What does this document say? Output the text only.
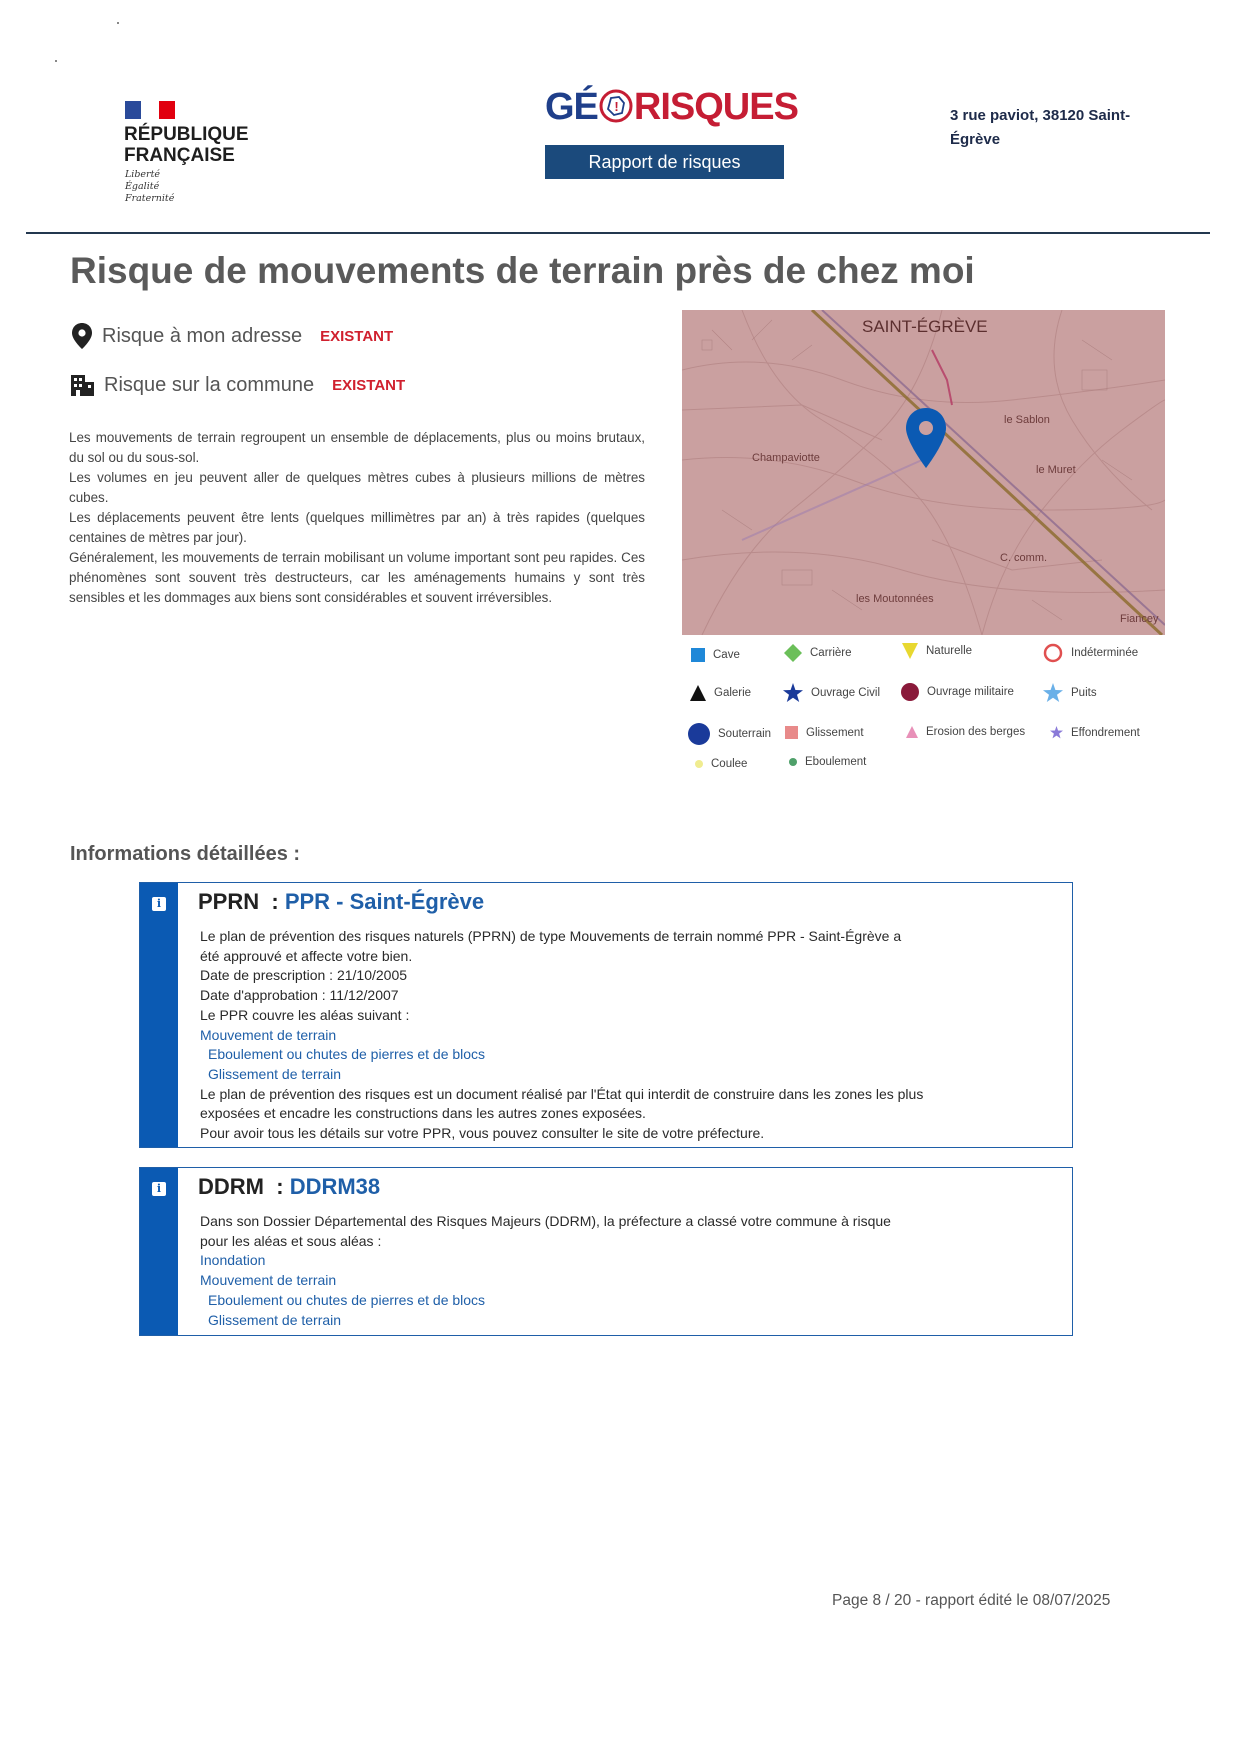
RÉPUBLIQUE
FRANÇAISE
Liberté
Égalité
Fraternité
GÉ ! RISQUES
Rapport de risques
3 rue paviot, 38120 Saint-
Égrève
Risque de mouvements de terrain près de chez moi
Risque à mon adresse EXISTANT
Risque sur la commune EXISTANT

Les mouvements de terrain regroupent un ensemble de déplacements, plus ou moins brutaux, du sol ou du sous-sol.

Les volumes en jeu peuvent aller de quelques mètres cubes à plusieurs millions de mètres cubes.

Les déplacements peuvent être lents (quelques millimètres par an) à très rapides (quelques centaines de mètres par jour).

Généralement, les mouvements de terrain mobilisant un volume important sont peu rapides. Ces phénomènes sont souvent très destructeurs, car les aménagements humains y sont très sensibles et les dommages aux biens sont considérables et souvent irréversibles.

SAINT-ÉGRÈVE
Champaviotte
le Sablon
le Muret
les Moutonnées
Fiancey
C. comm.
Cave	Carrière	Naturelle	Indéterminée
Galerie	Ouvrage Civil	Ouvrage militaire	Puits
Souterrain	Glissement	Erosion des berges	Effondrement
Coulee	Eboulement
Informations détaillées :
i PPRN : PPR - Saint-Égrève
Le plan de prévention des risques naturels (PPRN) de type Mouvements de terrain nommé PPR - Saint-Égrève a
été approuvé et affecte votre bien.
Date de prescription : 21/10/2005
Date d'approbation : 11/12/2007
Le PPR couvre les aléas suivant :
Mouvement de terrain
Eboulement ou chutes de pierres et de blocs
Glissement de terrain
Le plan de prévention des risques est un document réalisé par l'État qui interdit de construire dans les zones les plus
exposées et encadre les constructions dans les autres zones exposées.
Pour avoir tous les détails sur votre PPR, vous pouvez consulter le site de votre préfecture.
i DDRM : DDRM38
Dans son Dossier Départemental des Risques Majeurs (DDRM), la préfecture a classé votre commune à risque
pour les aléas et sous aléas :
Inondation
Mouvement de terrain
Eboulement ou chutes de pierres et de blocs
Glissement de terrain
Page 8 / 20 - rapport édité le 08/07/2025
